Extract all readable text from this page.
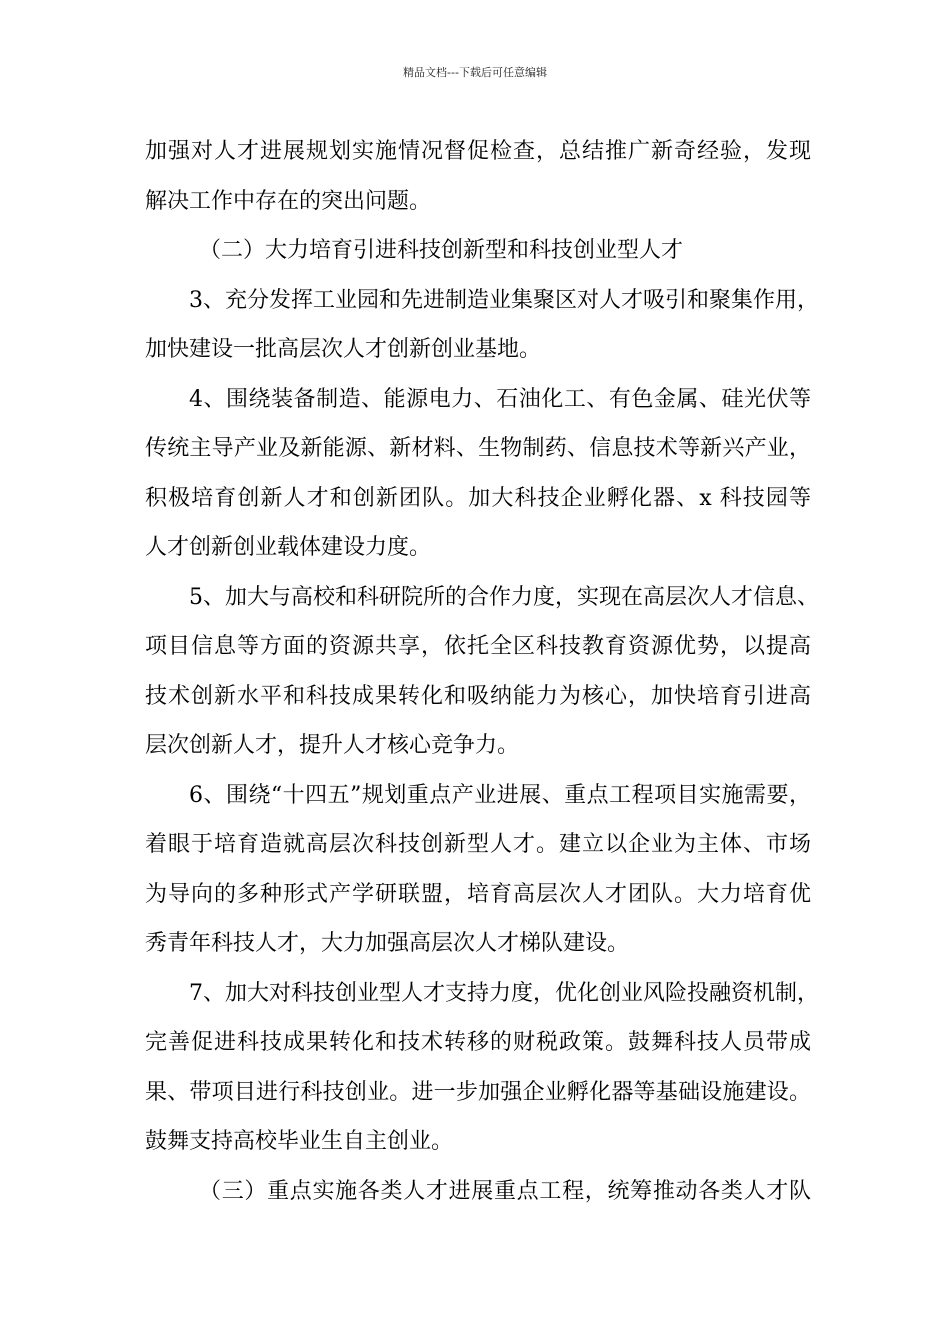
精品文档---下载后可任意编辑
加强对人才进展规划实施情况督促检查，总结推广新奇经验，发现
解决工作中存在的突出问题。
（二）大力培育引进科技创新型和科技创业型人才
3、充分发挥工业园和先进制造业集聚区对人才吸引和聚集作用，
加快建设一批高层次人才创新创业基地。
4、围绕装备制造、能源电力、石油化工、有色金属、硅光伏等
传统主导产业及新能源、新材料、生物制药、信息技术等新兴产业，
积极培育创新人才和创新团队。加大科技企业孵化器、x 科技园等
人才创新创业载体建设力度。
5、加大与高校和科研院所的合作力度，实现在高层次人才信息、
项目信息等方面的资源共享，依托全区科技教育资源优势，以提高
技术创新水平和科技成果转化和吸纳能力为核心，加快培育引进高
层次创新人才，提升人才核心竞争力。
6、围绕“十四五”规划重点产业进展、重点工程项目实施需要，
着眼于培育造就高层次科技创新型人才。建立以企业为主体、市场
为导向的多种形式产学研联盟，培育高层次人才团队。大力培育优
秀青年科技人才，大力加强高层次人才梯队建设。
7、加大对科技创业型人才支持力度，优化创业风险投融资机制，
完善促进科技成果转化和技术转移的财税政策。鼓舞科技人员带成
果、带项目进行科技创业。进一步加强企业孵化器等基础设施建设。
鼓舞支持高校毕业生自主创业。
（三）重点实施各类人才进展重点工程，统筹推动各类人才队
